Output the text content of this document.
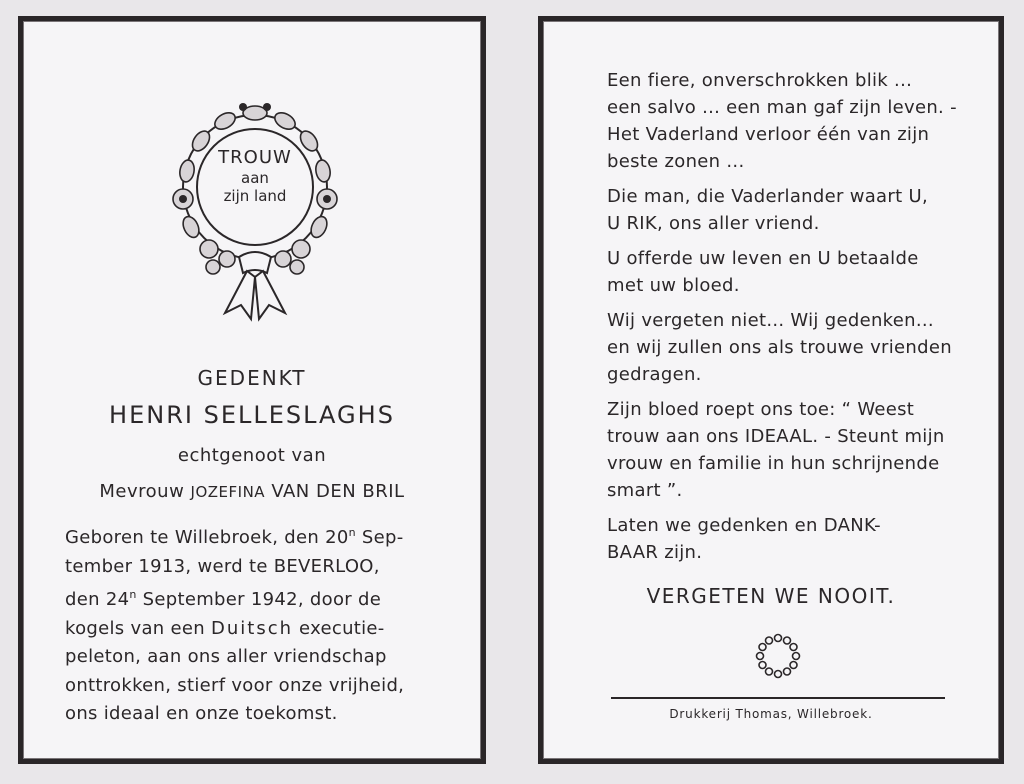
TROUW
aan
zijn land
GEDENKT
HENRI SELLESLAGHS
echtgenoot van
Mevrouw JOZEFINA VAN DEN BRIL

Geboren te Willebroek, den 20$^n$ Sep-

tember 1913, werd te BEVERLOO,

den 24$^n$ September 1942, door de

kogels van een Duitsch executie-

peleton, aan ons aller vriendschap

onttrokken, stierf voor onze vrijheid,

ons ideaal en onze toekomst.

Een fiere, onverschrokken blik ...
een salvo ... een man gaf zijn leven. -
Het Vaderland verloor één van zijn
beste zonen ...

Die man, die Vaderlander waart U,
U RIK, ons aller vriend.

U offerde uw leven en U betaalde
met uw bloed.

Wij vergeten niet... Wij gedenken...
en wij zullen ons als trouwe vrienden
gedragen.

Zijn bloed roept ons toe: “ Weest
trouw aan ons IDEAAL. - Steunt mijn
vrouw en familie in hun schrijnende
smart ”.

Laten we gedenken en DANK-
BAAR zijn.

VERGETEN WE NOOIT.
Drukkerij Thomas, Willebroek.
